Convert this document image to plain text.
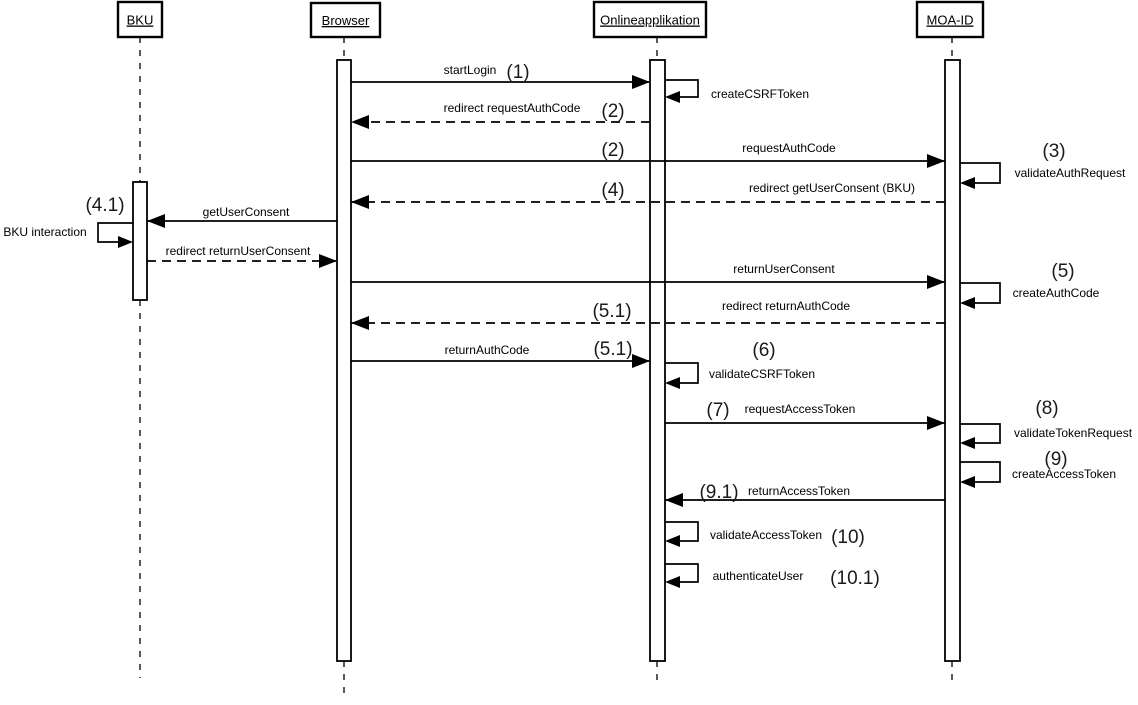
BKU	Browser	Onlineapplikation	MOA-ID
startLogin (1)
createCSRFToken
redirect requestAuthCode (2)
(2)	requestAuthCode	(3)
validateAuthRequest
(4)	redirect getUserConsent (BKU)
(4.1)	getUserConsent
BKU interaction
redirect returnUserConsent
returnUserConsent	(5)
createAuthCode
(5.1)	redirect returnAuthCode
returnAuthCode	(5.1)	(6)
validateCSRFToken
(7) requestAccessToken	(8)
validateTokenRequest
(9)
createAccessToken
(9.1) returnAccessToken
validateAccessToken (10)
authenticateUser (10.1)
